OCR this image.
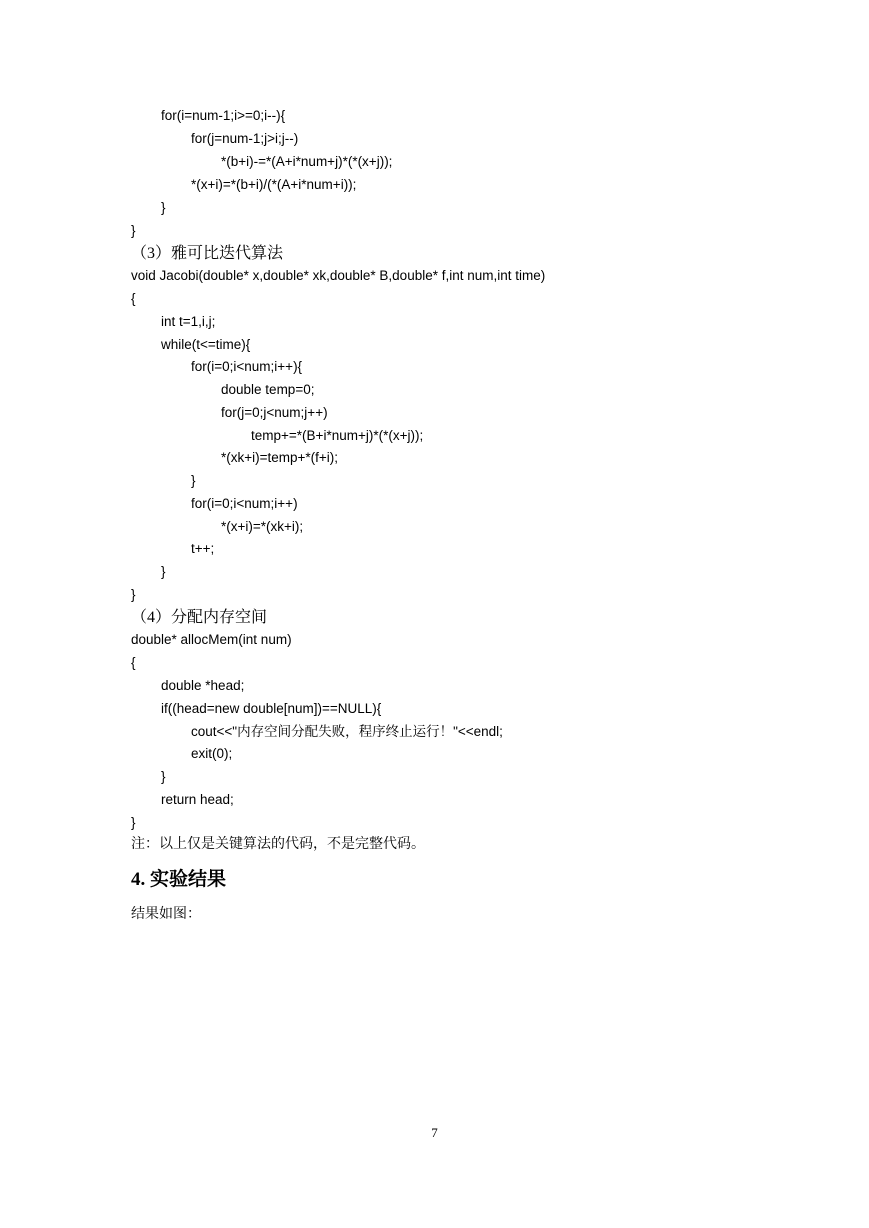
for(i=num-1;i>=0;i--){
for(j=num-1;j>i;j--)
*(b+i)-=*(A+i*num+j)*(*(x+j));
*(x+i)=*(b+i)/(*(A+i*num+i));
}
}
（3）雅可比迭代算法
void Jacobi(double* x,double* xk,double* B,double* f,int num,int time)
{
int t=1,i,j;
while(t<=time){
for(i=0;i<num;i++){
double temp=0;
for(j=0;j<num;j++)
temp+=*(B+i*num+j)*(*(x+j));
*(xk+i)=temp+*(f+i);
}
for(i=0;i<num;i++)
*(x+i)=*(xk+i);
t++;
}
}
（4）分配内存空间
double* allocMem(int num)
{
double *head;
if((head=new double[num])==NULL){
cout<<"内存空间分配失败，程序终止运行！"<<endl;
exit(0);
}
return head;
}
注：以上仅是关键算法的代码，不是完整代码。
4. 实验结果
结果如图：
7
